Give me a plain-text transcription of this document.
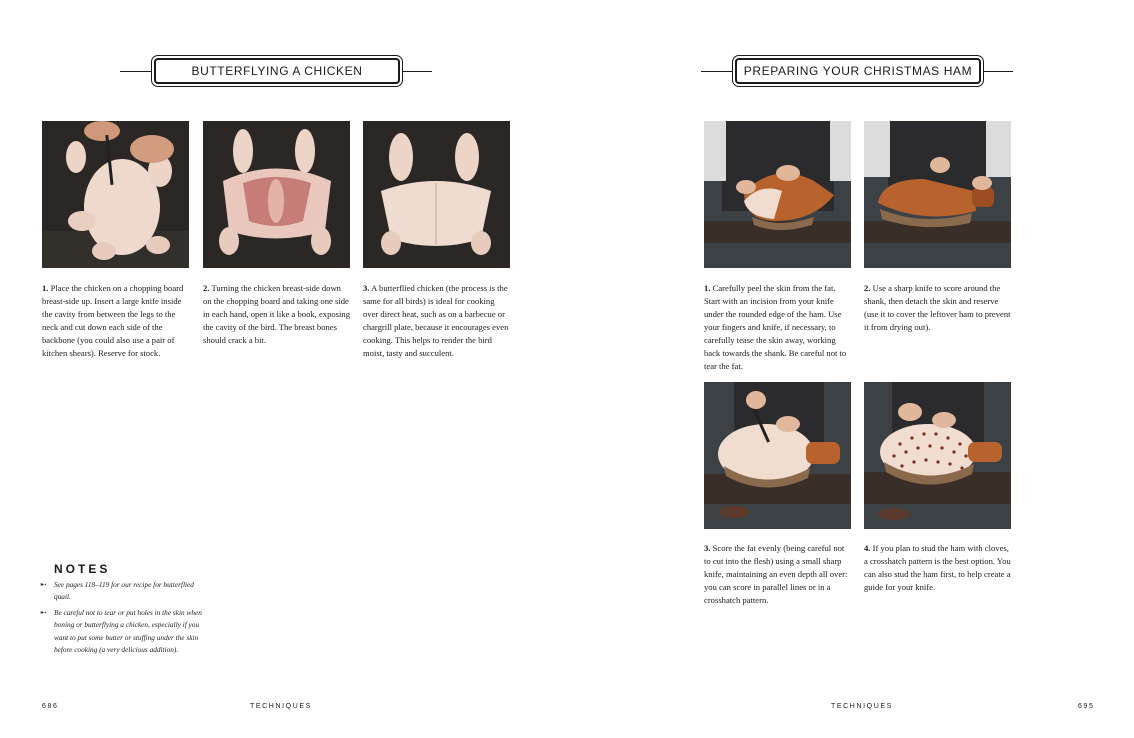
BUTTERFLYING A CHICKEN
1. Place the chicken on a chopping board breast-side up. Insert a large knife inside the cavity from between the legs to the neck and cut down each side of the backbone (you could also use a pair of kitchen shears). Reserve for stock.
2. Turning the chicken breast-side down on the chopping board and taking one side in each hand, open it like a book, exposing the cavity of the bird. The breast bones should crack a bit.
3. A butterflied chicken (the process is the same for all birds) is ideal for cooking over direct heat, such as on a barbecue or chargrill plate, because it encourages even cooking. This helps to render the bird moist, tasty and succulent.
NOTES
➸ See pages 118–119 for our recipe for butterflied quail.
➸ Be careful not to tear or put holes in the skin when boning or butterflying a chicken, especially if you want to put some butter or stuffing under the skin before cooking (a very delicious addition).
686	TECHNIQUES
PREPARING YOUR CHRISTMAS HAM
1. Carefully peel the skin from the fat. Start with an incision from your knife under the rounded edge of the ham. Use your fingers and knife, if necessary, to carefully tease the skin away, working back towards the shank. Be careful not to tear the fat.
2. Use a sharp knife to score around the shank, then detach the skin and reserve (use it to cover the leftover ham to prevent it from drying out).
3. Score the fat evenly (being careful not to cut into the flesh) using a small sharp knife, maintaining an even depth all over: you can score in parallel lines or in a crosshatch pattern.
4. If you plan to stud the ham with cloves, a crosshatch pattern is the best option. You can also stud the ham first, to help create a guide for your knife.
TECHNIQUES	695
